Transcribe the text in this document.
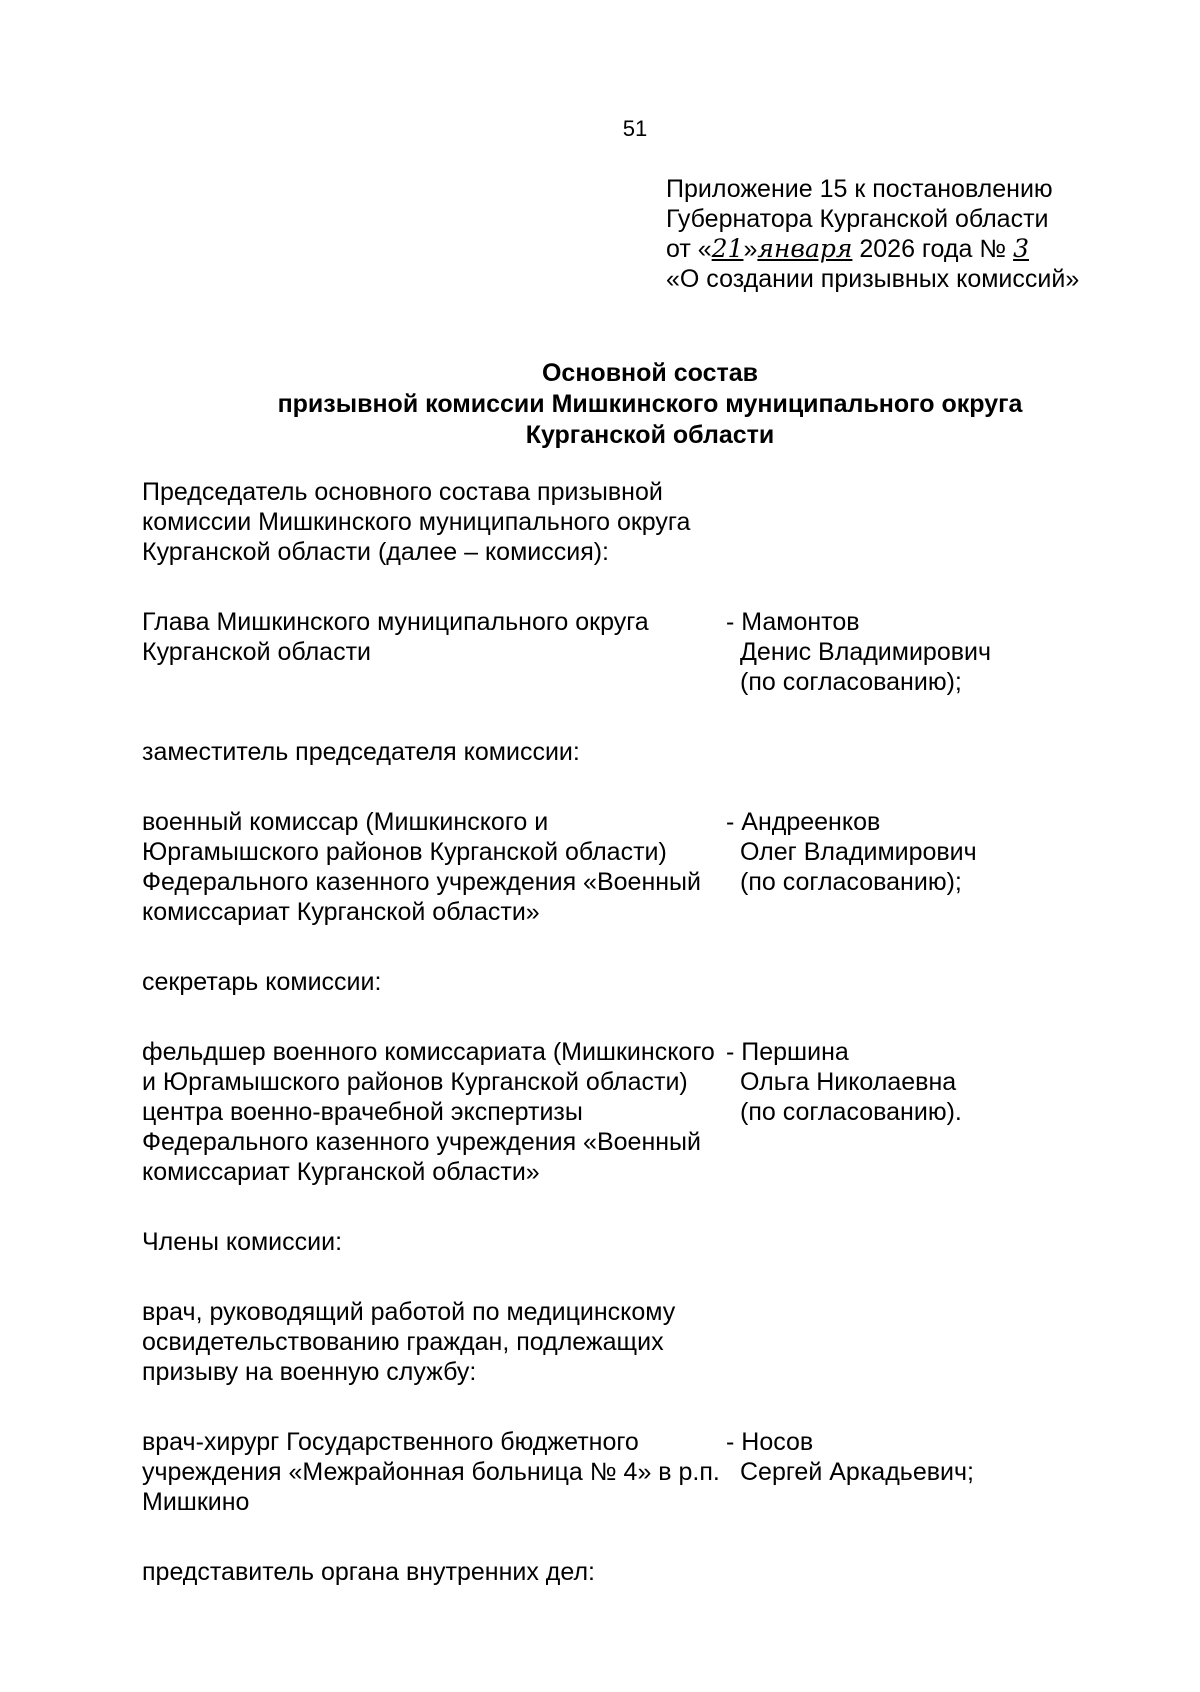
51
Приложение 15 к постановлению
Губернатора Курганской области
от «21»января 2026 года № 3
«О создании призывных комиссий»
Основной состав
призывной комиссии Мишкинского муниципального округа
Курганской области
Председатель основного состава призывной комиссии Мишкинского муниципального округа Курганской области (далее – комиссия):
Глава Мишкинского муниципального округа Курганской области
- Мамонтов
Денис Владимирович
(по согласованию);
заместитель председателя комиссии:
военный комиссар (Мишкинского и Юргамышского районов Курганской области) Федерального казенного учреждения «Военный комиссариат Курганской области»
- Андреенков
Олег Владимирович
(по согласованию);
секретарь комиссии:
фельдшер военного комиссариата (Мишкинского и Юргамышского районов Курганской области) центра военно-врачебной экспертизы Федерального казенного учреждения «Военный комиссариат Курганской области»
- Першина
Ольга Николаевна
(по согласованию).
Члены комиссии:
врач, руководящий работой по медицинскому освидетельствованию граждан, подлежащих призыву на военную службу:
врач-хирург Государственного бюджетного учреждения «Межрайонная больница № 4» в р.п. Мишкино
- Носов
Сергей Аркадьевич;
представитель органа внутренних дел:
